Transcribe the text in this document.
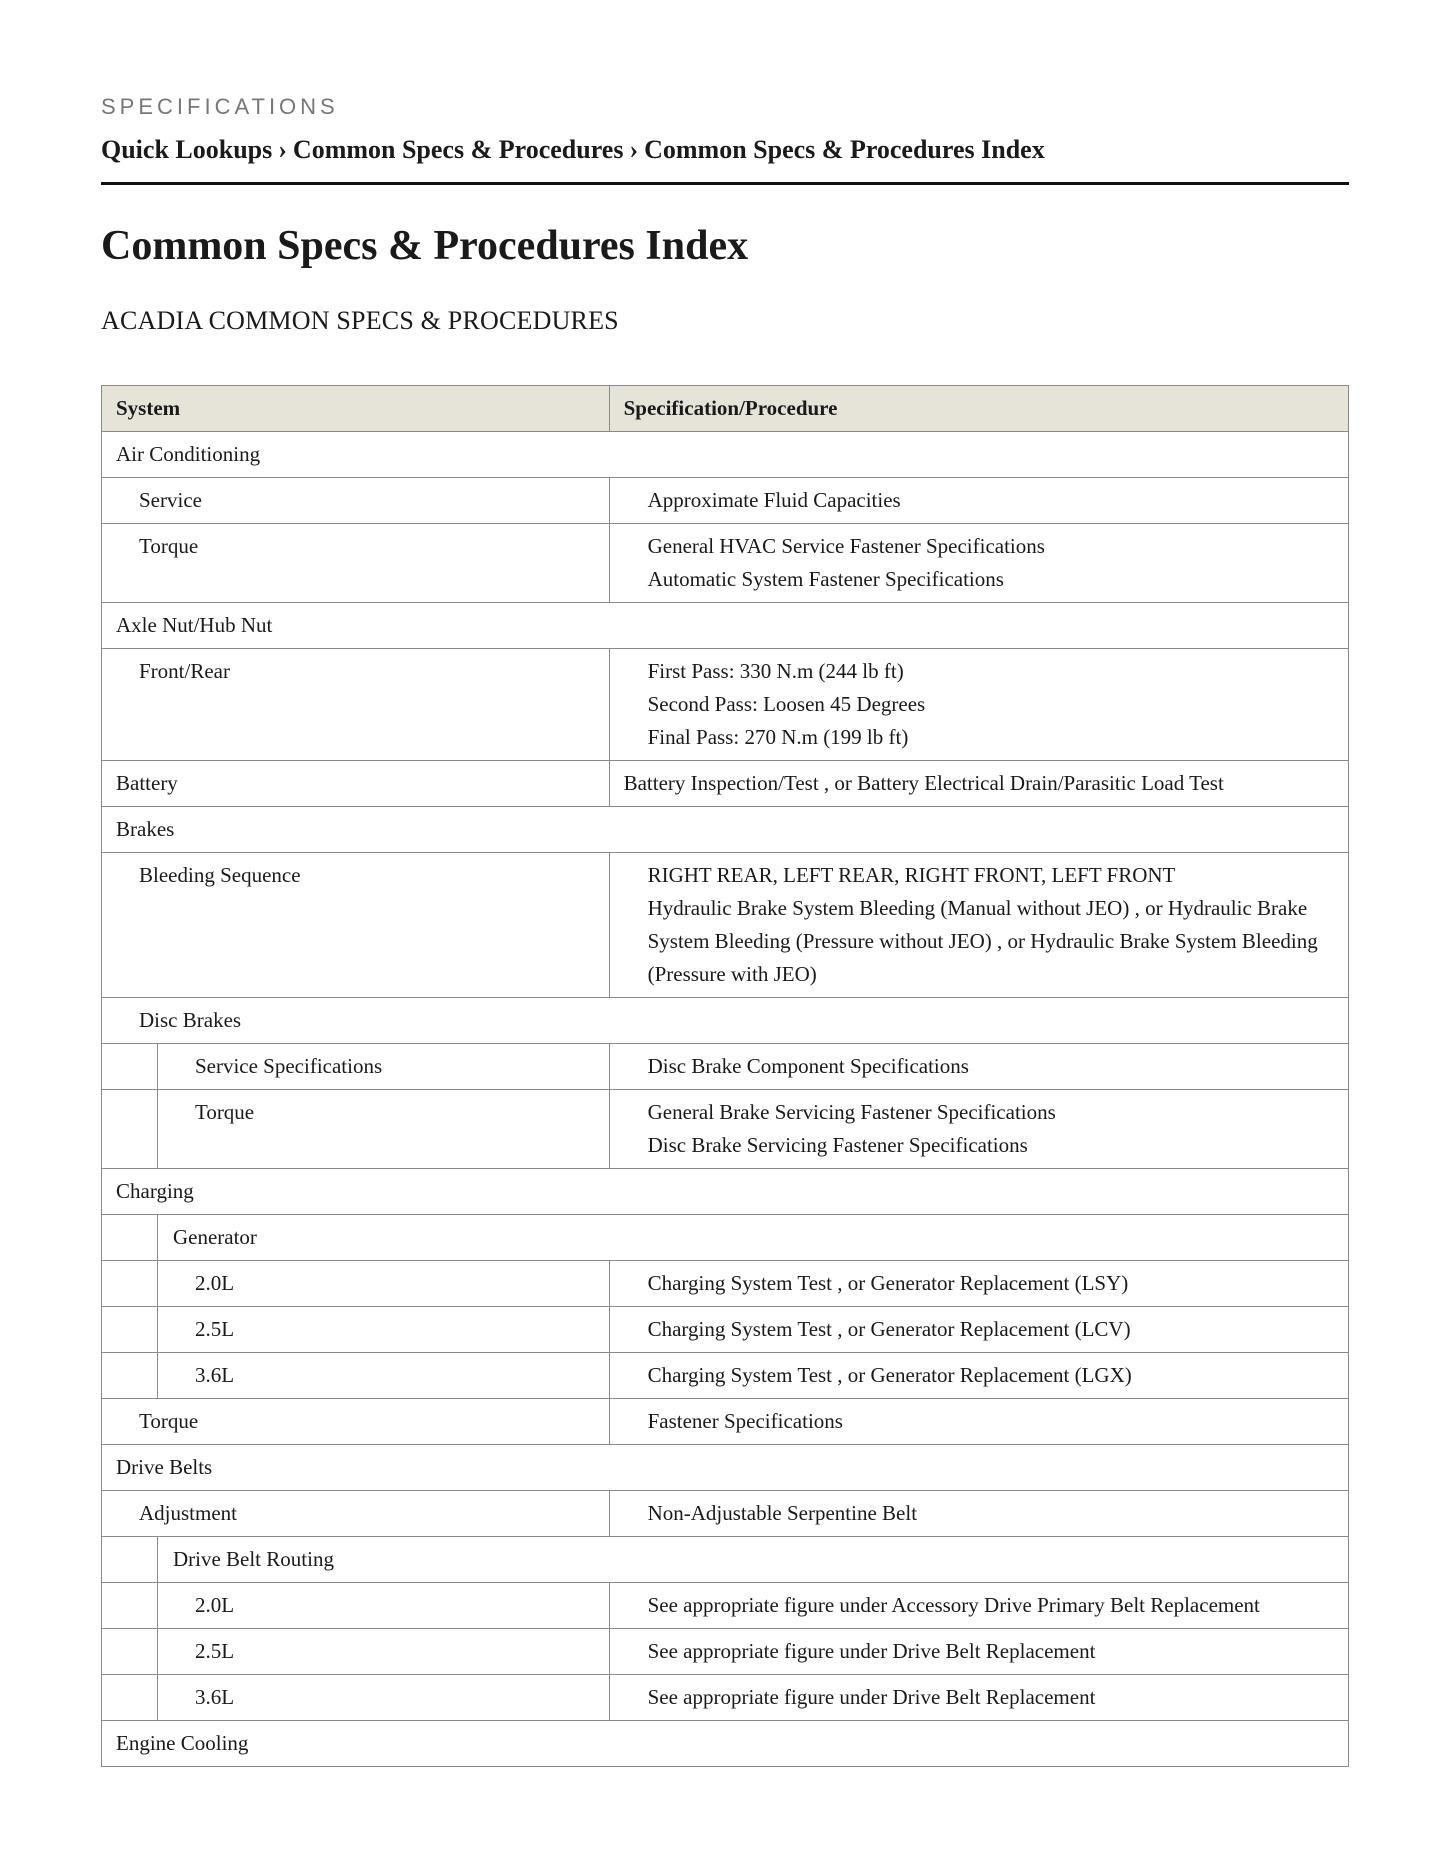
SPECIFICATIONS

Quick Lookups › Common Specs & Procedures › Common Specs & Procedures Index
Common Specs & Procedures Index
ACADIA COMMON SPECS & PROCEDURES
System		Specification/Procedure
Air Conditioning		
Service		Approximate Fluid Capacities
Torque		General HVAC Service Fastener Specifications
Automatic System Fastener Specifications

Axle Nut/Hub Nut		
Front/Rear		First Pass: 330 N.m (244 lb ft)
Second Pass: Loosen 45 Degrees
Final Pass: 270 N.m (199 lb ft)

Battery		Battery Inspection/Test , or Battery Electrical Drain/Parasitic Load Test
Brakes		
Bleeding Sequence		RIGHT REAR, LEFT REAR, RIGHT FRONT, LEFT FRONT
Hydraulic Brake System Bleeding (Manual without JEO) , or Hydraulic Brake System Bleeding (Pressure without JEO) , or Hydraulic Brake System Bleeding (Pressure with JEO)

Disc Brakes		
	Service Specifications	Disc Brake Component Specifications
	Torque	General Brake Servicing Fastener Specifications
Disc Brake Servicing Fastener Specifications

Charging		
	Generator	
	2.0L	Charging System Test , or Generator Replacement (LSY)
	2.5L	Charging System Test , or Generator Replacement (LCV)
	3.6L	Charging System Test , or Generator Replacement (LGX)
Torque		Fastener Specifications
Drive Belts		
Adjustment		Non-Adjustable Serpentine Belt
	Drive Belt Routing	
	2.0L	See appropriate figure under Accessory Drive Primary Belt Replacement
	2.5L	See appropriate figure under Drive Belt Replacement
	3.6L	See appropriate figure under Drive Belt Replacement
Engine Cooling		
